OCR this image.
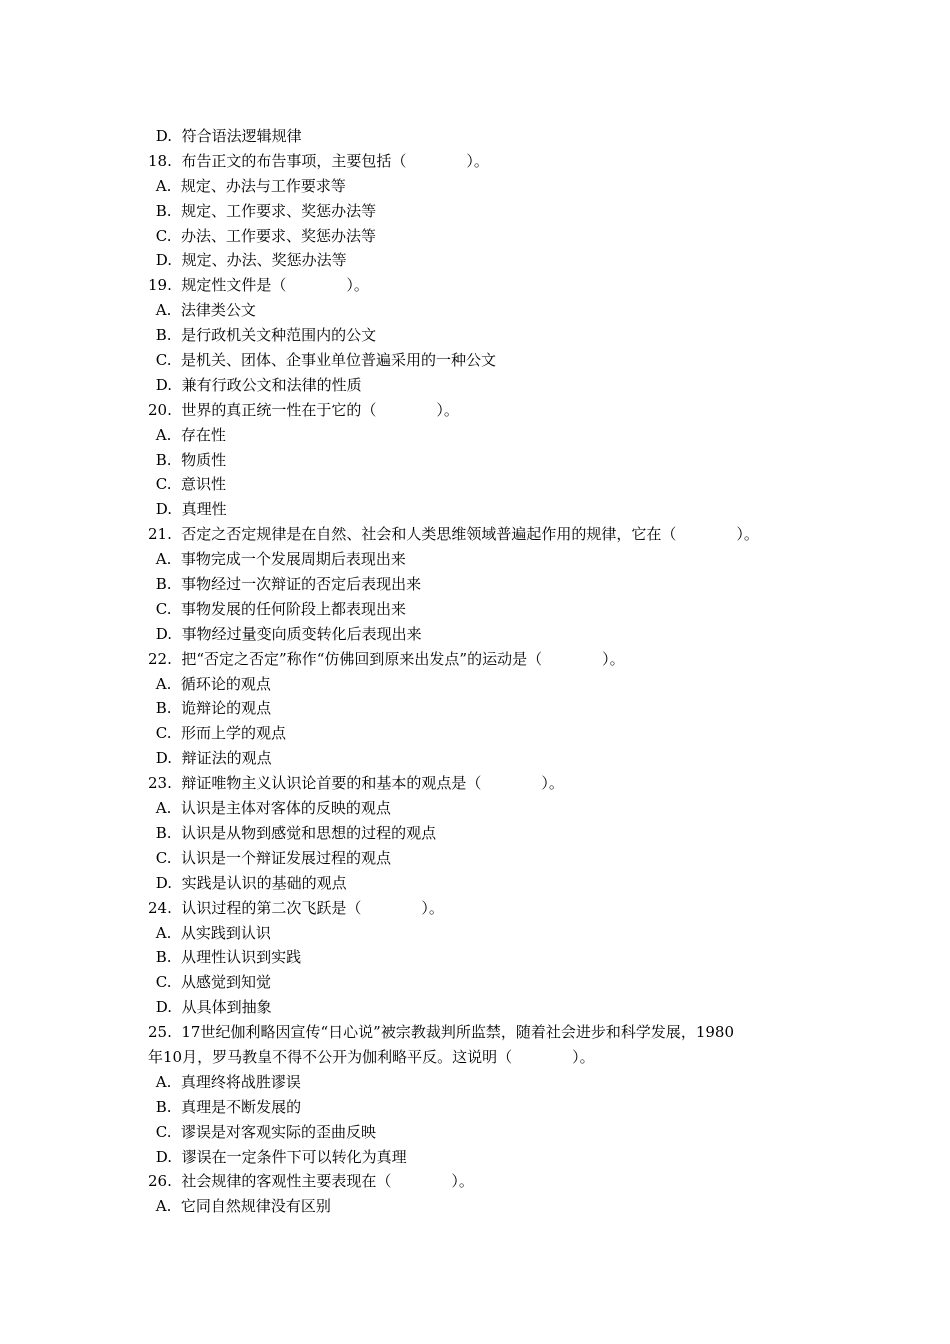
D.  符合语法逻辑规律
18.  布告正文的布告事项，主要包括（　　　　）。
A.  规定、办法与工作要求等
B.  规定、工作要求、奖惩办法等
C.  办法、工作要求、奖惩办法等
D.  规定、办法、奖惩办法等
19.  规定性文件是（　　　　）。
A.  法律类公文
B.  是行政机关文种范围内的公文
C.  是机关、团体、企事业单位普遍采用的一种公文
D.  兼有行政公文和法律的性质
20.  世界的真正统一性在于它的（　　　　）。
A.  存在性
B.  物质性
C.  意识性
D.  真理性
21.  否定之否定规律是在自然、社会和人类思维领域普遍起作用的规律，它在（　　　　）。
A.  事物完成一个发展周期后表现出来
B.  事物经过一次辩证的否定后表现出来
C.  事物发展的任何阶段上都表现出来
D.  事物经过量变向质变转化后表现出来
22.  把“否定之否定”称作“仿佛回到原来出发点”的运动是（　　　　）。
A.  循环论的观点
B.  诡辩论的观点
C.  形而上学的观点
D.  辩证法的观点
23.  辩证唯物主义认识论首要的和基本的观点是（　　　　）。
A.  认识是主体对客体的反映的观点
B.  认识是从物到感觉和思想的过程的观点
C.  认识是一个辩证发展过程的观点
D.  实践是认识的基础的观点
24.  认识过程的第二次飞跃是（　　　　）。
A.  从实践到认识
B.  从理性认识到实践
C.  从感觉到知觉
D.  从具体到抽象
25.  17世纪伽利略因宣传“日心说”被宗教裁判所监禁，随着社会进步和科学发展，1980
年10月，罗马教皇不得不公开为伽利略平反。这说明（　　　　）。
A.  真理终将战胜谬误
B.  真理是不断发展的
C.  谬误是对客观实际的歪曲反映
D.  谬误在一定条件下可以转化为真理
26.  社会规律的客观性主要表现在（　　　　）。
A.  它同自然规律没有区别
